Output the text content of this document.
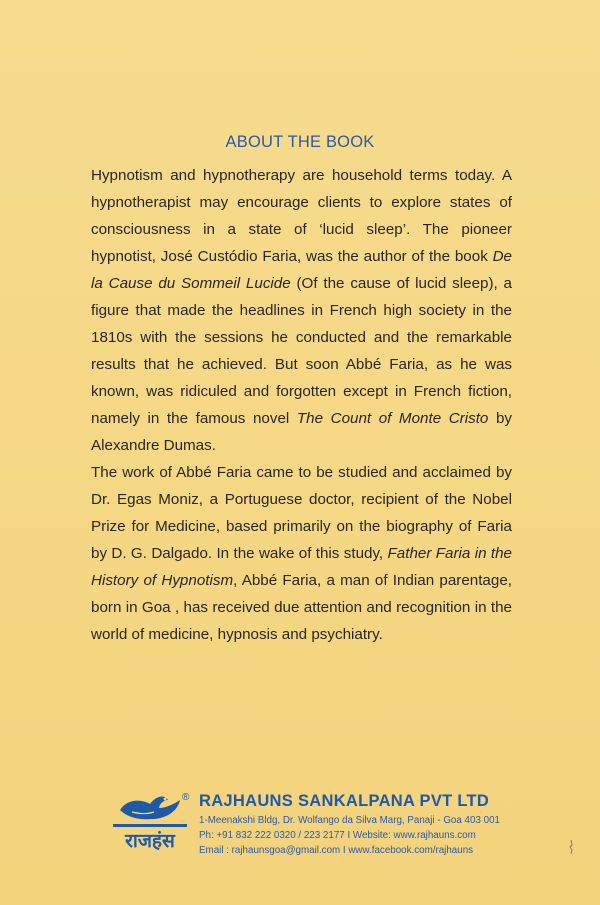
ABOUT THE BOOK

Hypnotism and hypnotherapy are household terms today. A hypnotherapist may encourage clients to explore states of consciousness in a state of ‘lucid sleep’. The pioneer hypnotist, José Custódio Faria, was the author of the book De la Cause du Sommeil Lucide (Of the cause of lucid sleep), a figure that made the headlines in French high society in the 1810s with the sessions he conducted and the remarkable results that he achieved. But soon Abbé Faria, as he was known, was ridiculed and forgotten except in French fiction, namely in the famous novel The Count of Monte Cristo by Alexandre Dumas.

The work of Abbé Faria came to be studied and acclaimed by Dr. Egas Moniz, a Portuguese doctor, recipient of the Nobel Prize for Medicine, based primarily on the biography of Faria by D. G. Dalgado. In the wake of this study, Father Faria in the History of Hypnotism, Abbé Faria, a man of Indian parentage, born in Goa , has received due attention and recognition in the world of medicine, hypnosis and psychiatry.

राजहंस
® RAJHAUNS SANKALPANA PVT LTD
1-Meenakshi Bldg, Dr. Wolfango da Silva Marg, Panaji - Goa 403 001
Ph: +91 832 222 0320 / 223 2177 I Website: www.rajhauns.com
Email : rajhaunsgoa@gmail.com I www.facebook.com/rajhauns
